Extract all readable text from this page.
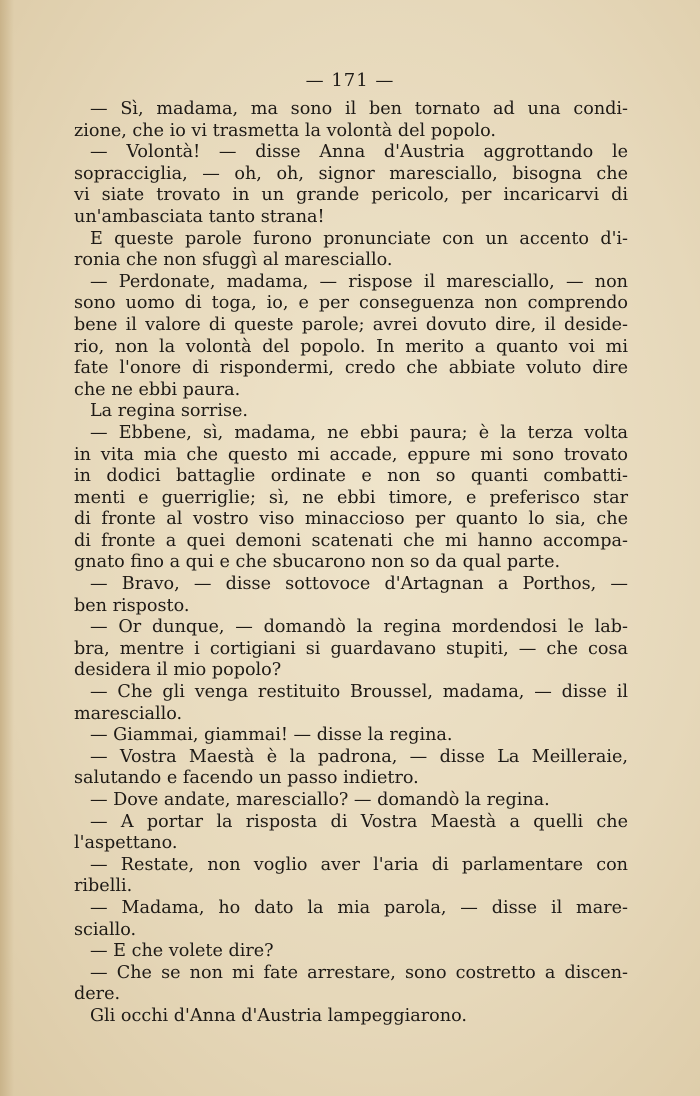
— 171 —
— Sì, madama, ma sono il ben tornato ad una condi-
zione, che io vi trasmetta la volontà del popolo.
— Volontà! — disse Anna d'Austria aggrottando le
sopracciglia, — oh, oh, signor maresciallo, bisogna che
vi siate trovato in un grande pericolo, per incaricarvi di
un'ambasciata tanto strana!
E queste parole furono pronunciate con un accento d'i-
ronia che non sfuggì al maresciallo.
— Perdonate, madama, — rispose il maresciallo, — non
sono uomo di toga, io, e per conseguenza non comprendo
bene il valore di queste parole; avrei dovuto dire, il deside-
rio, non la volontà del popolo. In merito a quanto voi mi
fate l'onore di rispondermi, credo che abbiate voluto dire
che ne ebbi paura.
La regina sorrise.
— Ebbene, sì, madama, ne ebbi paura; è la terza volta
in vita mia che questo mi accade, eppure mi sono trovato
in dodici battaglie ordinate e non so quanti combatti-
menti e guerriglie; sì, ne ebbi timore, e preferisco star
di fronte al vostro viso minaccioso per quanto lo sia, che
di fronte a quei demoni scatenati che mi hanno accompa-
gnato fino a qui e che sbucarono non so da qual parte.
— Bravo, — disse sottovoce d'Artagnan a Porthos, —
ben risposto.
— Or dunque, — domandò la regina mordendosi le lab-
bra, mentre i cortigiani si guardavano stupiti, — che cosa
desidera il mio popolo?
— Che gli venga restituito Broussel, madama, — disse il
maresciallo.
— Giammai, giammai! — disse la regina.
— Vostra Maestà è la padrona, — disse La Meilleraie,
salutando e facendo un passo indietro.
— Dove andate, maresciallo? — domandò la regina.
— A portar la risposta di Vostra Maestà a quelli che
l'aspettano.
— Restate, non voglio aver l'aria di parlamentare con
ribelli.
— Madama, ho dato la mia parola, — disse il mare-
sciallo.
— E che volete dire?
— Che se non mi fate arrestare, sono costretto a discen-
dere.
Gli occhi d'Anna d'Austria lampeggiarono.
